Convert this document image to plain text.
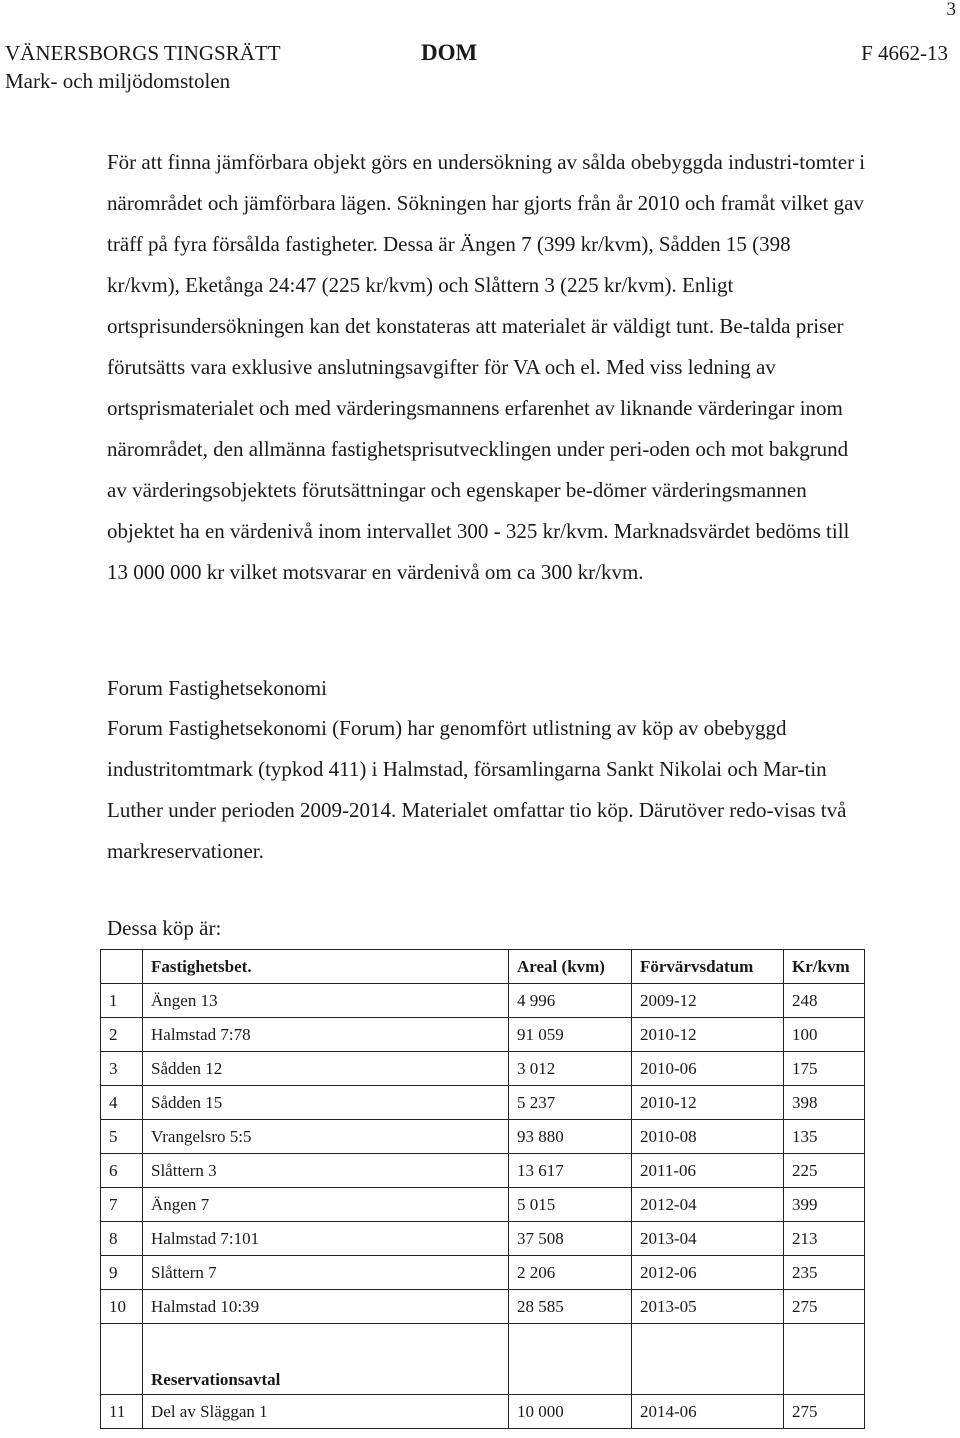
3
VÄNERSBORGS TINGSRÄTT
Mark- och miljödomstolen
DOM	F 4662-13

För att finna jämförbara objekt görs en undersökning av sålda obebyggda industri-tomter i närområdet och jämförbara lägen. Sökningen har gjorts från år 2010 och framåt vilket gav träff på fyra försålda fastigheter. Dessa är Ängen 7 (399 kr/kvm), Sådden 15 (398 kr/kvm), Eketånga 24:47 (225 kr/kvm) och Slåttern 3 (225 kr/kvm). Enligt ortsprisundersökningen kan det konstateras att materialet är väldigt tunt. Be-talda priser förutsätts vara exklusive anslutningsavgifter för VA och el. Med viss ledning av ortsprismaterialet och med värderingsmannens erfarenhet av liknande värderingar inom närområdet, den allmänna fastighetsprisutvecklingen under peri-oden och mot bakgrund av värderingsobjektets förutsättningar och egenskaper be-dömer värderingsmannen objektet ha en värdenivå inom intervallet 300 - 325 kr/kvm. Marknadsvärdet bedöms till 13 000 000 kr vilket motsvarar en värdenivå om ca 300 kr/kvm.

Forum Fastighetsekonomi

Forum Fastighetsekonomi (Forum) har genomfört utlistning av köp av obebyggd industritomtmark (typkod 411) i Halmstad, församlingarna Sankt Nikolai och Mar-tin Luther under perioden 2009-2014. Materialet omfattar tio köp. Därutöver redo-visas två markreservationer.

Dessa köp är:

	Fastighetsbet.	Areal (kvm)	Förvärvsdatum	Kr/kvm
1	Ängen 13	4 996	2009-12	248
2	Halmstad 7:78	91 059	2010-12	100
3	Sådden 12	3 012	2010-06	175
4	Sådden 15	5 237	2010-12	398
5	Vrangelsro 5:5	93 880	2010-08	135
6	Slåttern 3	13 617	2011-06	225
7	Ängen 7	5 015	2012-04	399
8	Halmstad 7:101	37 508	2013-04	213
9	Slåttern 7	2 206	2012-06	235
10	Halmstad 10:39	28 585	2013-05	275
	Reservationsavtal			
11	Del av Släggan 1	10 000	2014-06	275
